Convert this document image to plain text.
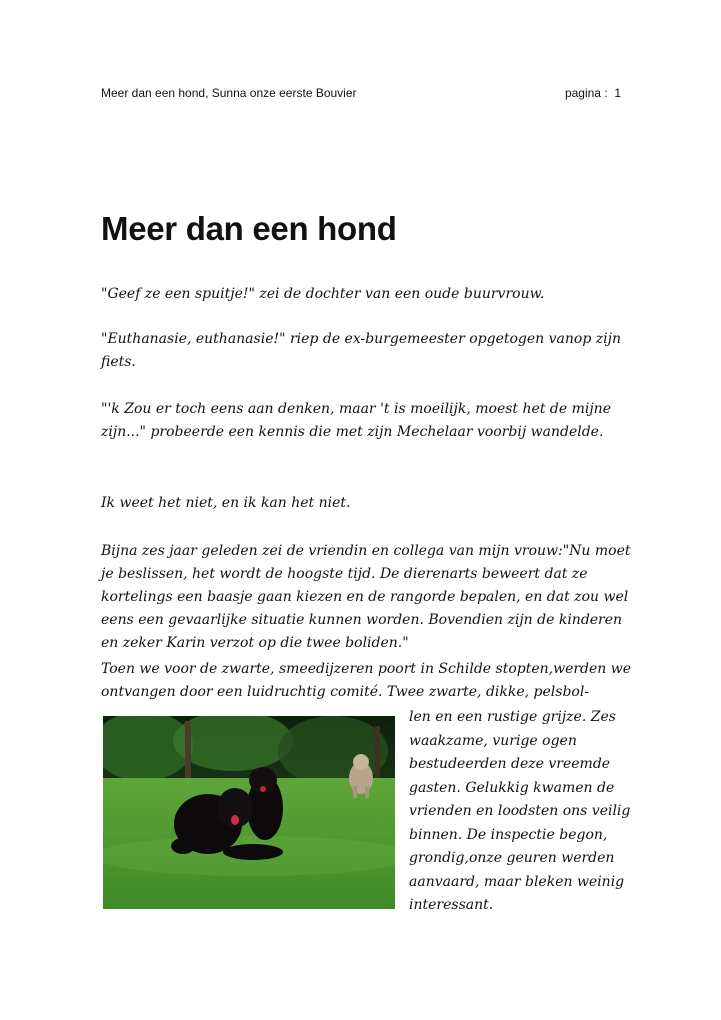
Meer dan een hond, Sunna onze eerste Bouvier	pagina : 1
Meer dan een hond

"Geef ze een spuitje!" zei de dochter van een oude buurvrouw.

"Euthanasie, euthanasie!" riep de ex-burgemeester opgetogen vanop zijn fiets.

"'k Zou er toch eens aan denken, maar 't is moeilijk, moest het de mijne zijn..." probeerde een kennis die met zijn Mechelaar voorbij wandelde.

Ik weet het niet, en ik kan het niet.

Bijna zes jaar geleden zei de vriendin en collega van mijn vrouw:"Nu moet je beslissen, het wordt de hoogste tijd. De dierenarts beweert dat ze kortelings een baasje gaan kiezen en de rangorde bepalen, en dat zou wel eens een gevaarlijke situatie kunnen worden. Bovendien zijn de kinderen en zeker Karin verzot op die twee boliden."

Toen we voor de zwarte, smeedijzeren poort in Schilde stopten,werden we ontvangen door een luidruchtig comité. Twee zwarte, dikke, pelsbol-

len en een rustige grijze. Zes waakzame, vurige ogen bestudeerden deze vreemde gasten. Gelukkig kwamen de vrienden en loodsten ons veilig binnen. De inspectie begon, grondig,onze geuren werden aanvaard, maar bleken weinig interessant.
